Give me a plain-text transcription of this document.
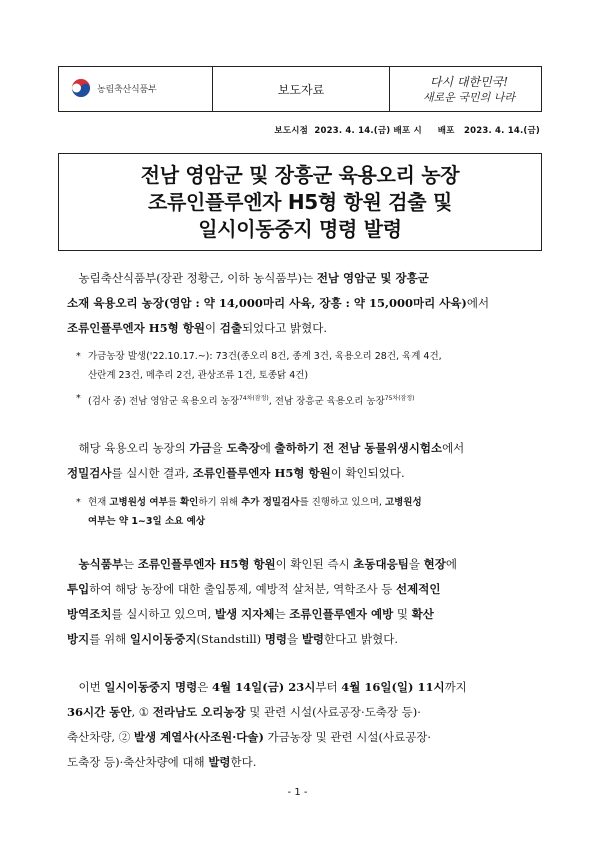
농림축산식품부	보도자료
다시 대한민국!
새로운 국민의 나라
보도시점  2023. 4. 14.(금) 배포 시     배포   2023. 4. 14.(금)
전남 영암군 및 장흥군 육용오리 농장
조류인플루엔자 H5형 항원 검출 및
일시이동중지 명령 발령
 농림축산식품부(장관 정황근, 이하 농식품부)는 전남 영암군 및 장흥군
소재 육용오리 농장(영암 : 약 14,000마리 사육, 장흥 : 약 15,000마리 사육)에서
조류인플루엔자 H5형 항원이 검출되었다고 밝혔다.
* 가금농장 발생('22.10.17.~): 73건(종오리 8건, 종계 3건, 육용오리 28건, 육계 4건,
산란계 23건, 메추리 2건, 관상조류 1건, 토종닭 4건)
* (검사 중) 전남 영암군 육용오리 농장$^{74차(잠정)}$, 전남 장흥군 육용오리 농장$^{75차(잠정)}$
 해당 육용오리 농장의 가금을 도축장에 출하하기 전 전남 동물위생시험소에서
정밀검사를 실시한 결과, 조류인플루엔자 H5형 항원이 확인되었다.
* 현재 고병원성 여부를 확인하기 위해 추가 정밀검사를 진행하고 있으며, 고병원성
여부는 약 1~3일 소요 예상
 농식품부는 조류인플루엔자 H5형 항원이 확인된 즉시 초동대응팀을 현장에
투입하여 해당 농장에 대한 출입통제, 예방적 살처분, 역학조사 등 선제적인
방역조치를 실시하고 있으며, 발생 지자체는 조류인플루엔자 예방 및 확산
방지를 위해 일시이동중지(Standstill) 명령을 발령한다고 밝혔다.
 이번 일시이동중지 명령은 4월 14일(금) 23시부터 4월 16일(일) 11시까지
36시간 동안, ① 전라남도 오리농장 및 관련 시설(사료공장·도축장 등)·
축산차량, ② 발생 계열사(사조원·다솔) 가금농장 및 관련 시설(사료공장·
도축장 등)·축산차량에 대해 발령한다.
- 1 -
